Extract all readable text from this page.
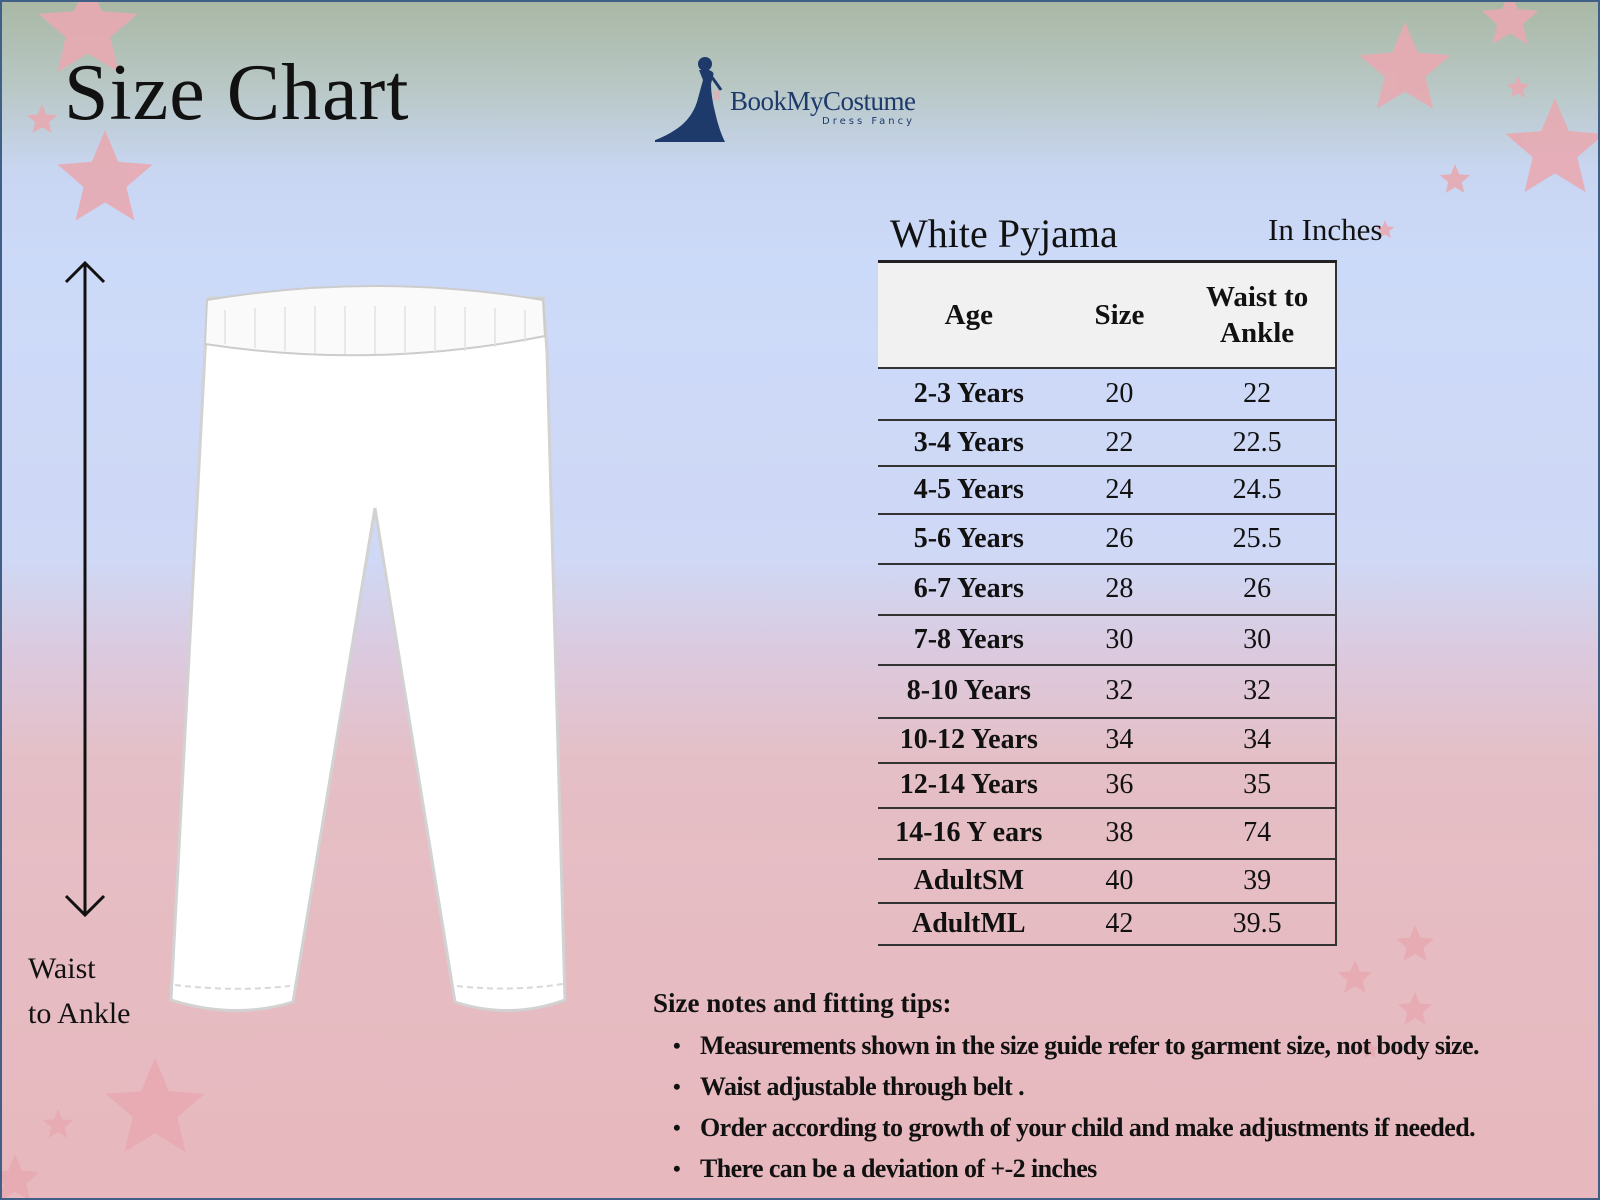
Size Chart	BookMyCostume
Dress Fancy
Waist
to Ankle
White Pyjama	In Inches
Age	Size	Waist to Ankle
2-3 Years	20	22
3-4 Years	22	22.5
4-5 Years	24	24.5
5-6 Years	26	25.5
6-7 Years	28	26
7-8 Years	30	30
8-10 Years	32	32
10-12 Years	34	34
12-14 Years	36	35
14-16 Y ears	38	74
AdultSM	40	39
AdultML	42	39.5

Size notes and fitting tips:

• Measurements shown in the size guide refer to garment size, not body size.
• Waist adjustable through belt .
• Order according to growth of your child and make adjustments if needed.
• There can be a deviation of +-2 inches
